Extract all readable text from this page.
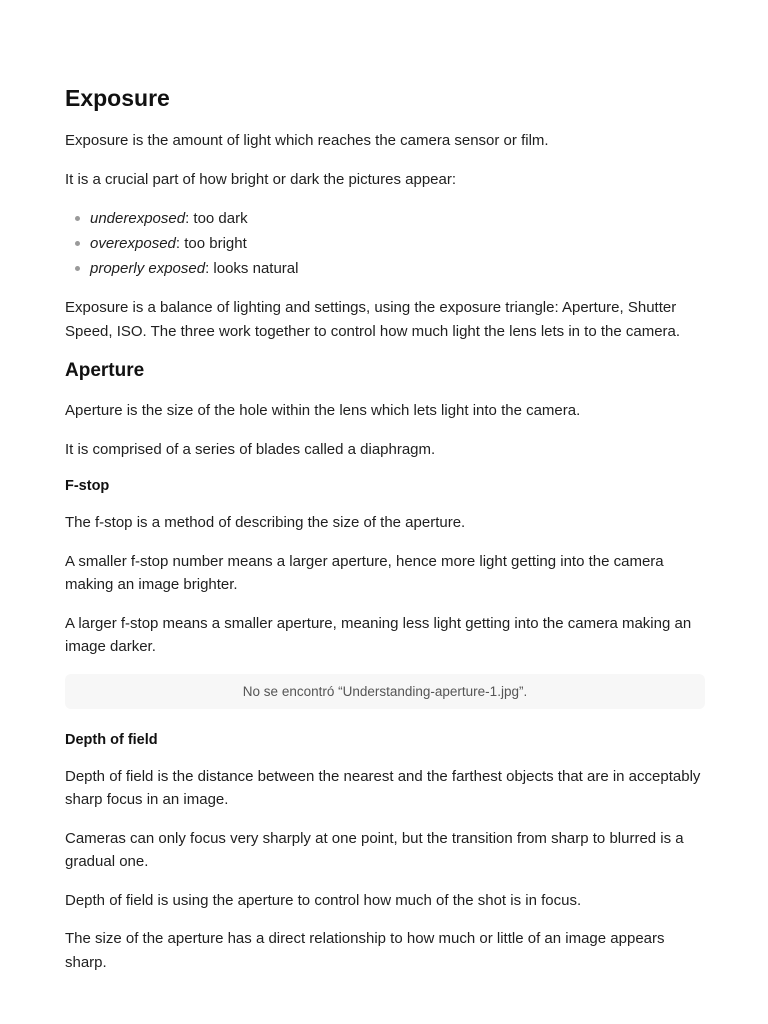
Exposure

Exposure is the amount of light which reaches the camera sensor or film.

It is a crucial part of how bright or dark the pictures appear:

underexposed: too dark
overexposed: too bright
properly exposed: looks natural

Exposure is a balance of lighting and settings, using the exposure triangle: Aperture, Shutter Speed, ISO. The three work together to control how much light the lens lets in to the camera.

Aperture

Aperture is the size of the hole within the lens which lets light into the camera.

It is comprised of a series of blades called a diaphragm.

F-stop

The f-stop is a method of describing the size of the aperture.

A smaller f-stop number means a larger aperture, hence more light getting into the camera making an image brighter.

A larger f-stop means a smaller aperture, meaning less light getting into the camera making an image darker.

No se encontró “Understanding-aperture-1.jpg”.
Depth of field

Depth of field is the distance between the nearest and the farthest objects that are in acceptably sharp focus in an image.

Cameras can only focus very sharply at one point, but the transition from sharp to blurred is a gradual one.

Depth of field is using the aperture to control how much of the shot is in focus.

The size of the aperture has a direct relationship to how much or little of an image appears sharp.
